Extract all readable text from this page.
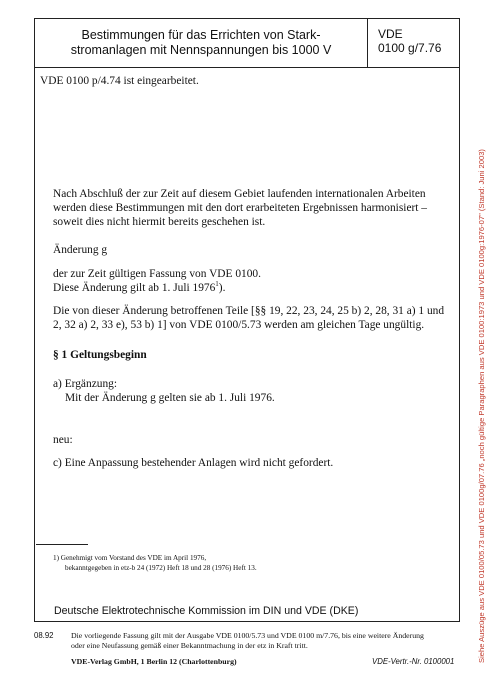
Bestimmungen für das Errichten von Stark-
stromanlagen mit Nennspannungen bis 1000 V
VDE
0100 g/7.76
VDE 0100 p/4.74 ist eingearbeitet.
Nach Abschluß der zur Zeit auf diesem Gebiet laufenden internationalen Arbeiten
werden diese Bestimmungen mit den dort erarbeiteten Ergebnissen harmonisiert –
soweit dies nicht hiermit bereits geschehen ist.
Änderung g
der zur Zeit gültigen Fassung von VDE 0100.
Diese Änderung gilt ab 1. Juli 1976$^1$).
Die von dieser Änderung betroffenen Teile [§§ 19, 22, 23, 24, 25 b) 2, 28, 31 a) 1 und
2, 32 a) 2, 33 e), 53 b) 1] von VDE 0100/5.73 werden am gleichen Tage ungültig.
§ 1 Geltungsbeginn
a) Ergänzung:
Mit der Änderung g gelten sie ab 1. Juli 1976.
neu:
c) Eine Anpassung bestehender Anlagen wird nicht gefordert.
1) Genehmigt vom Vorstand des VDE im April 1976,
bekanntgegeben in etz-b 24 (1972) Heft 18 und 28 (1976) Heft 13.
Deutsche Elektrotechnische Kommission im DIN und VDE (DKE)
08.92 Die vorliegende Fassung gilt mit der Ausgabe VDE 0100/5.73 und VDE 0100 m/7.76, bis eine weitere Änderung
oder eine Neufassung gemäß einer Bekanntmachung in der etz in Kraft tritt.
VDE-Verlag GmbH, 1 Berlin 12 (Charlottenburg)	VDE-Vertr.-Nr. 0100001	Siehe Auszüge aus VDE 0100/05.73 und VDE 0100g/07.76 „noch gültige Paragraphen aus VDE 0100:1973 und VDE 0100g:1976-07" (Stand: Juni 2003)
